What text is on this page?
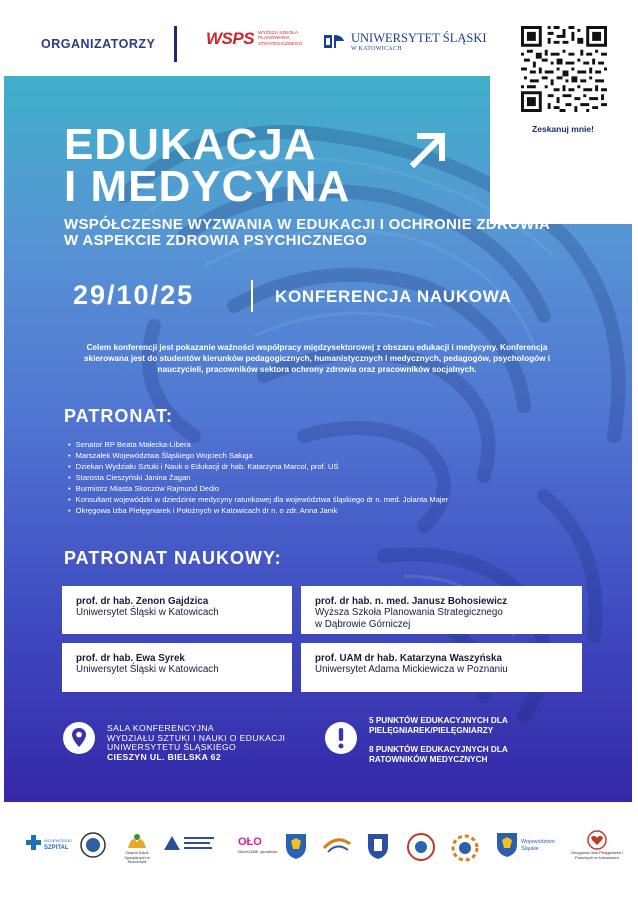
ORGANIZATORZY	WSPS WYŻSZA SZKOŁA PLANOWANIA STRATEGICZNEGO	UNIWERSYTET ŚLĄSKI
W KATOWICACH
Zeskanuj mnie!
EDUKACJA
I MEDYCYNA
WSPÓŁCZESNE WYZWANIA W EDUKACJI I OCHRONIE ZDROWIA W ASPEKCIE ZDROWIA PSYCHICZNEGO
29/10/25	KONFERENCJA NAUKOWA
Celem konferencji jest pokazanie ważności współpracy międzysektorowej z obszaru edukacji i medycyny. Konferencja skierowana jest do studentów kierunków pedagogicznych, humanistycznych i medycznych, pedagogów, psychologów i nauczycieli, pracowników sektora ochrony zdrowia oraz pracowników socjalnych.
PATRONAT:
• Senator RP Beata Małecka-Libera
• Marszałek Województwa Śląskiego Wojciech Saługa
• Dziekan Wydziału Sztuki i Nauk o Edukacji dr hab. Katarzyna Marcol, prof. UŚ
• Starosta Cieszyński Janina Żagan
• Burmistrz Miasta Skoczów Rajmund Dedio
• Konsultant wojewódzki w dziedzinie medycyny ratunkowej dla województwa śląskiego dr n. med. Jolanta Majer
• Okręgowa Izba Pielęgniarek i Położnych w Katowicach dr n. o zdr. Anna Janik
PATRONAT NAUKOWY:
prof. dr hab. Zenon Gajdzica
Uniwersytet Śląski w Katowicach
prof. dr hab. n. med. Janusz Bohosiewicz
Wyższa Szkoła Planowania Strategicznego
w Dąbrowie Górniczej
prof. dr hab. Ewa Syrek
Uniwersytet Śląski w Katowicach
prof. UAM dr hab. Katarzyna Waszyńska
Uniwersytet Adama Mickiewicza w Poznaniu
SALA KONFERENCYJNA
WYDZIAŁU SZTUKI I NAUKI O EDUKACJI
UNIWERSYTETU ŚLĄSKIEGO
CIESZYN UL. BIELSKA 62

5 PUNKTÓW EDUKACYJNYCH DLA PIELĘGNIAREK/PIELĘGNIARZY

8 PUNKTÓW EDUKACYJNYCH DLA RATOWNIKÓW MEDYCZNYCH

WOJEWÓDZKI
SZPITAL
Zespół Szkół Specjalnych w Skoczowie
OŁO
NAUKOWE opowieści
Województwo
Śląskie
Okręgowa Izba Pielęgniarek i Położnych w Katowicach
